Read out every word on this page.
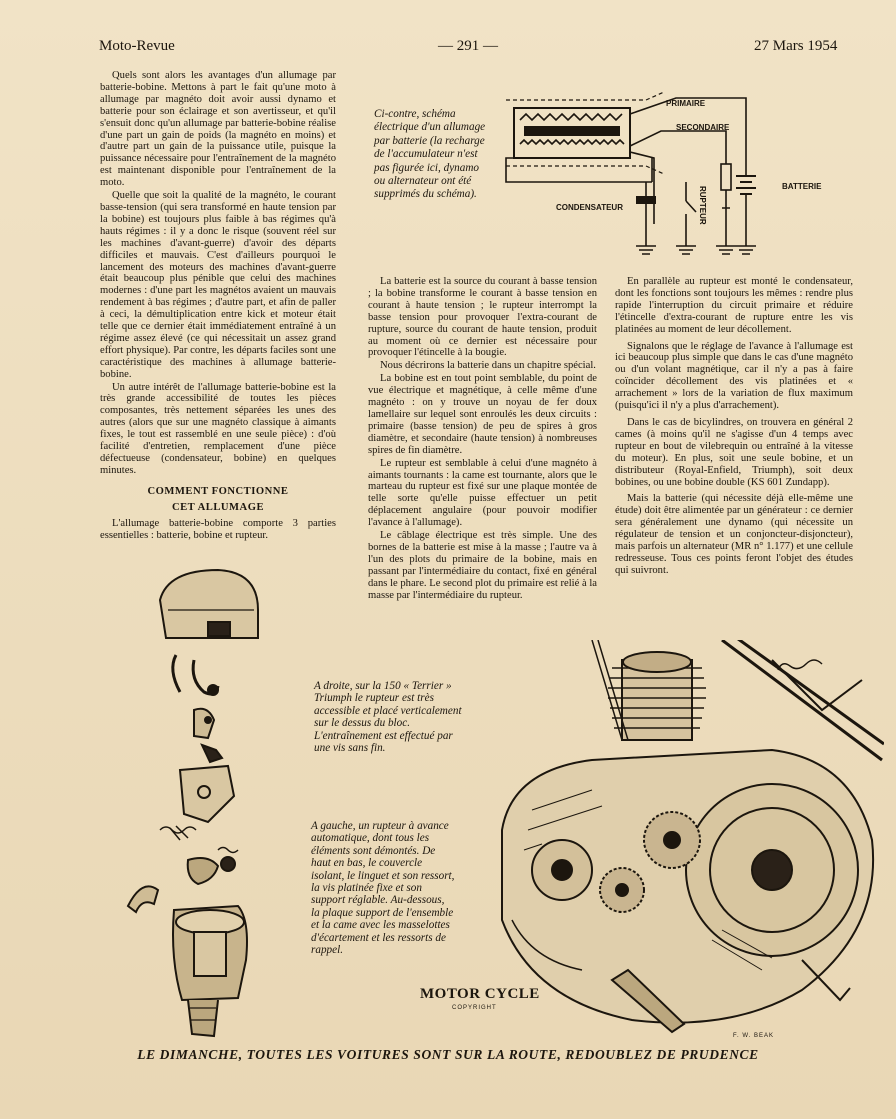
Moto-Revue	— 291 —	27 Mars 1954

Quels sont alors les avantages d'un allumage par batterie-bobine. Mettons à part le fait qu'une moto à allumage par magnéto doit avoir aussi dynamo et batterie pour son éclairage et son avertisseur, et qu'il s'ensuit donc qu'un allumage par batterie-bobine réalise d'une part un gain de poids (la magnéto en moins) et d'autre part un gain de la puissance utile, puisque la puissance nécessaire pour l'entraînement de la magnéto est maintenant disponible pour l'entraînement de la moto.

Quelle que soit la qualité de la magnéto, le courant basse-tension (qui sera transformé en haute tension par la bobine) est toujours plus faible à bas régimes qu'à hauts régimes : il y a donc le risque (souvent réel sur les machines d'avant-guerre) d'avoir des départs difficiles et mauvais. C'est d'ailleurs pourquoi le lancement des moteurs des machines d'avant-guerre était beaucoup plus pénible que celui des machines modernes : d'une part les magnétos avaient un mauvais rendement à bas régimes ; d'autre part, et afin de paller à ceci, la démultiplication entre kick et moteur était telle que ce dernier était immédiatement entraîné à un régime assez élevé (ce qui nécessitait un assez grand effort physique). Par contre, les départs faciles sont une caractéristique des machines à allumage batterie-bobine.

Un autre intérêt de l'allumage batterie-bobine est la très grande accessibilité de toutes les pièces composantes, très nettement séparées les unes des autres (alors que sur une magnéto classique à aimants fixes, le tout est rassemblé en une seule pièce) : d'où facilité d'entretien, remplacement d'une pièce défectueuse (condensateur, bobine) en quelques minutes.

COMMENT FONCTIONNE
CET ALLUMAGE

L'allumage batterie-bobine comporte 3 parties essentielles : batterie, bobine et rupteur.

Ci-contre, schéma électrique d'un allumage par batterie (la recharge de l'accumulateur n'est pas figurée ici, dynamo ou alternateur ont été supprimés du schéma).

PRIMAIRE
SECONDAIRE
BATTERIE
CONDENSATEUR	RUPTEUR

La batterie est la source du courant à basse tension ; la bobine transforme le courant à basse tension en courant à haute tension ; le rupteur interrompt la basse tension pour provoquer l'extra-courant de rupture, source du courant de haute tension, produit au moment où ce dernier est nécessaire pour provoquer l'étincelle à la bougie.

Nous décrirons la batterie dans un chapitre spécial.

La bobine est en tout point semblable, du point de vue électrique et magnétique, à celle même d'une magnéto : on y trouve un noyau de fer doux lamellaire sur lequel sont enroulés les deux circuits : primaire (basse tension) de peu de spires à gros diamètre, et secondaire (haute tension) à nombreuses spires de fin diamètre.

Le rupteur est semblable à celui d'une magnéto à aimants tournants : la came est tournante, alors que le marteau du rupteur est fixé sur une plaque montée de telle sorte qu'elle puisse effectuer un petit déplacement angulaire (pour pouvoir modifier l'avance à l'allumage).

Le câblage électrique est très simple. Une des bornes de la batterie est mise à la masse ; l'autre va à l'un des plots du primaire de la bobine, mais en passant par l'intermédiaire du contact, fixé en général dans le phare. Le second plot du primaire est relié à la masse par l'intermédiaire du rupteur.

En parallèle au rupteur est monté le condensateur, dont les fonctions sont toujours les mêmes : rendre plus rapide l'interruption du circuit primaire et réduire l'étincelle d'extra-courant de rupture entre les vis platinées au moment de leur décollement.

Signalons que le réglage de l'avance à l'allumage est ici beaucoup plus simple que dans le cas d'une magnéto ou d'un volant magnétique, car il n'y a pas à faire coïncider décollement des vis platinées et « arrachement » lors de la variation de flux maximum (puisqu'ici il n'y a plus d'arrachement).

Dans le cas de bicylindres, on trouvera en général 2 cames (à moins qu'il ne s'agisse d'un 4 temps avec rupteur en bout de vilebrequin ou entraîné à la vitesse du moteur). En plus, soit une seule bobine, et un distributeur (Royal-Enfield, Triumph), soit deux bobines, ou une bobine double (KS 601 Zundapp).

Mais la batterie (qui nécessite déjà elle-même une étude) doit être alimentée par un générateur : ce dernier sera généralement une dynamo (qui nécessite un régulateur de tension et un conjoncteur-disjoncteur), mais parfois un alternateur (MR n° 1.177) et une cellule redresseuse. Tous ces points feront l'objet des études qui suivront.

A droite, sur la 150 « Terrier » Triumph le rupteur est très accessible et placé verticalement sur le dessus du bloc. L'entraînement est effectué par une vis sans fin.

A gauche, un rupteur à avance automatique, dont tous les éléments sont démontés. De haut en bas, le couvercle isolant, le linguet et son ressort, la vis platinée fixe et son support réglable. Au-dessous, la plaque support de l'ensemble et la came avec les masselottes d'écartement et les ressorts de rappel.

MOTOR CYCLE
COPYRIGHT
F. W. BEAK
LE DIMANCHE, TOUTES LES VOITURES SONT SUR LA ROUTE, REDOUBLEZ DE PRUDENCE
